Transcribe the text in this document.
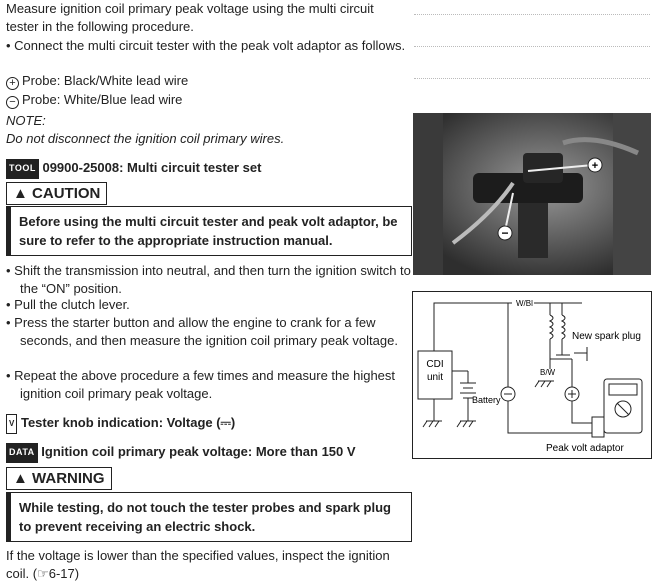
Measure ignition coil primary peak voltage using the multi circuit tester in the following procedure.
• Connect the multi circuit tester with the peak volt adaptor as follows.
+ Probe: Black/White lead wire
− Probe: White/Blue lead wire
NOTE:
Do not disconnect the ignition coil primary wires.
TOOL 09900-25008: Multi circuit tester set
▲ CAUTION
Before using the multi circuit tester and peak volt adaptor, be sure to refer to the appropriate instruction manual.
• Shift the transmission into neutral, and then turn the ignition switch to the “ON” position.
• Pull the clutch lever.
• Press the starter button and allow the engine to crank for a few seconds, and then measure the ignition coil primary peak voltage.
• Repeat the above procedure a few times and measure the highest ignition coil primary peak voltage.
V Tester knob indication: Voltage (⎓)
DATA Ignition coil primary peak voltage: More than 150 V
▲ WARNING
While testing, do not touch the tester probes and spark plug to prevent receiving an electric shock.
If the voltage is lower than the specified values, inspect the ignition coil. (☞6-17)
+
−
W/Bl
New spark plug
CDI
unit
Battery
B/W
Peak volt adaptor
